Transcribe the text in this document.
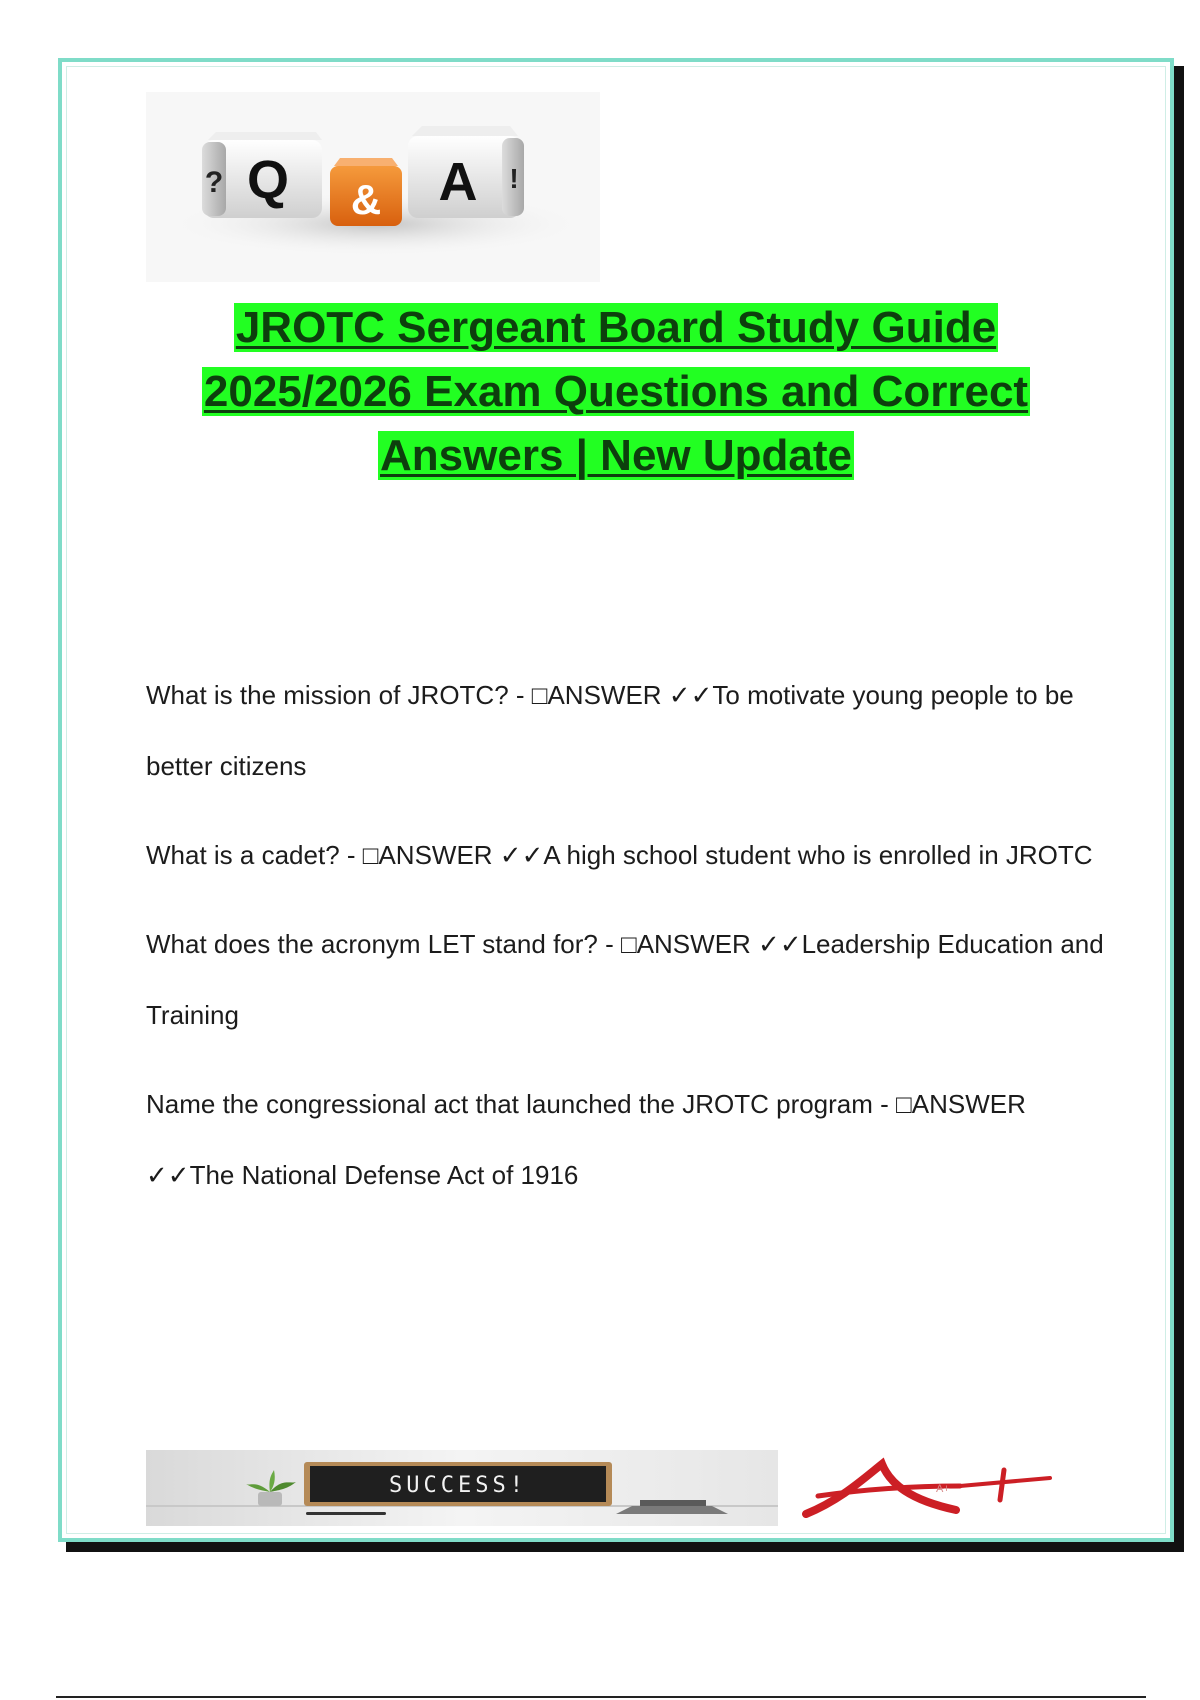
Q
?	& A !
JROTC Sergeant Board Study Guide
2025/2026 Exam Questions and Correct
Answers | New Update

What is the mission of JROTC? - □ANSWER ✓✓To motivate young people to be better citizens

What is a cadet? - □ANSWER ✓✓A high school student who is enrolled in JROTC

What does the acronym LET stand for? - □ANSWER ✓✓Leadership Education and Training

Name the congressional act that launched the JROTC program - □ANSWER ✓✓The National Defense Act of 1916

SUCCESS!	A+
